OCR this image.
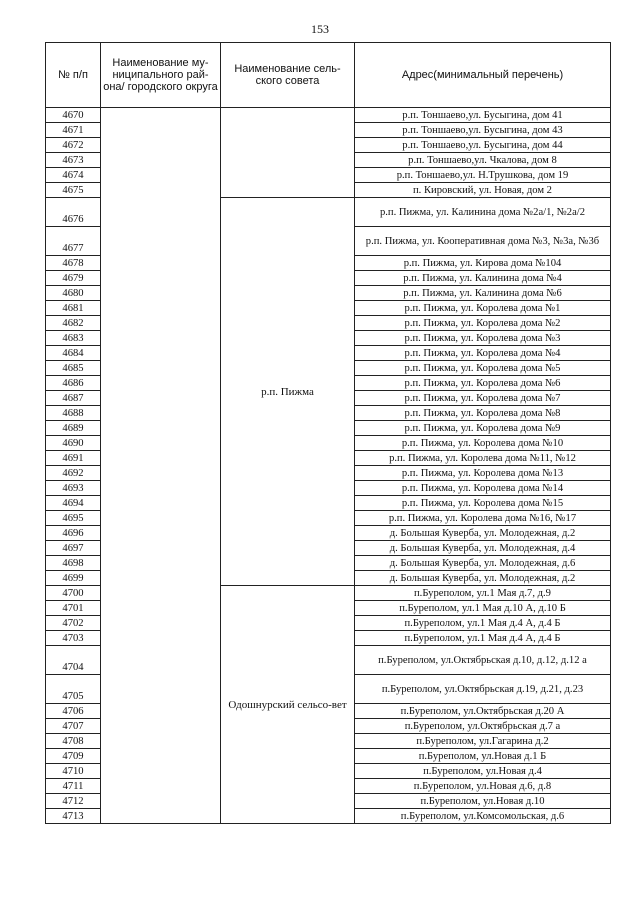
153
№ п/п	Наименование му-ниципального рай-она/ городского округа	Наименование сель-ского совета	Адрес(минимальный перечень)
4670			р.п. Тоншаево,ул. Бусыгина, дом 41
4671			р.п. Тоншаево,ул. Бусыгина, дом 43
4672			р.п. Тоншаево,ул. Бусыгина, дом 44
4673			р.п. Тоншаево,ул. Чкалова, дом 8
4674			р.п. Тоншаево,ул. Н.Трушкова, дом 19
4675			п. Кировский, ул. Новая, дом 2
4676		р.п. Пижма	р.п. Пижма, ул. Калинина дома №2а/1, №2а/2
4677			р.п. Пижма, ул. Кооперативная дома №3, №3а, №3б
4678			р.п. Пижма, ул. Кирова дома №104
4679			р.п. Пижма, ул. Калинина дома №4
4680			р.п. Пижма, ул. Калинина дома №6
4681			р.п. Пижма, ул. Королева дома №1
4682			р.п. Пижма, ул. Королева дома №2
4683			р.п. Пижма, ул. Королева дома №3
4684			р.п. Пижма, ул. Королева дома №4
4685			р.п. Пижма, ул. Королева дома №5
4686			р.п. Пижма, ул. Королева дома №6
4687			р.п. Пижма, ул. Королева дома №7
4688			р.п. Пижма, ул. Королева дома №8
4689			р.п. Пижма, ул. Королева дома №9
4690			р.п. Пижма, ул. Королева дома №10
4691			р.п. Пижма, ул. Королева дома №11, №12
4692			р.п. Пижма, ул. Королева дома №13
4693			р.п. Пижма, ул. Королева дома №14
4694			р.п. Пижма, ул. Королева дома №15
4695			р.п. Пижма, ул. Королева дома №16, №17
4696			д. Большая Куверба, ул. Молодежная, д.2
4697			д. Большая Куверба, ул. Молодежная, д.4
4698			д. Большая Куверба, ул. Молодежная, д.6
4699			д. Большая Куверба, ул. Молодежная, д.2
4700		Одошнурский сельсо-вет	п.Буреполом, ул.1 Мая д.7, д.9
4701			п.Буреполом, ул.1 Мая д.10 А, д.10 Б
4702			п.Буреполом, ул.1 Мая д.4 А, д.4 Б
4703			п.Буреполом, ул.1 Мая д.4 А, д.4 Б
4704			п.Буреполом, ул.Октябрьская д.10, д.12, д.12 а
4705			п.Буреполом, ул.Октябрьская д.19, д.21, д.23
4706			п.Буреполом, ул.Октябрьская д.20 А
4707			п.Буреполом, ул.Октябрьская д.7 а
4708			п.Буреполом, ул.Гагарина д.2
4709			п.Буреполом, ул.Новая д.1 Б
4710			п.Буреполом, ул.Новая д.4
4711			п.Буреполом, ул.Новая д.6, д.8
4712			п.Буреполом, ул.Новая д.10
4713			п.Буреполом, ул.Комсомольская, д.6
